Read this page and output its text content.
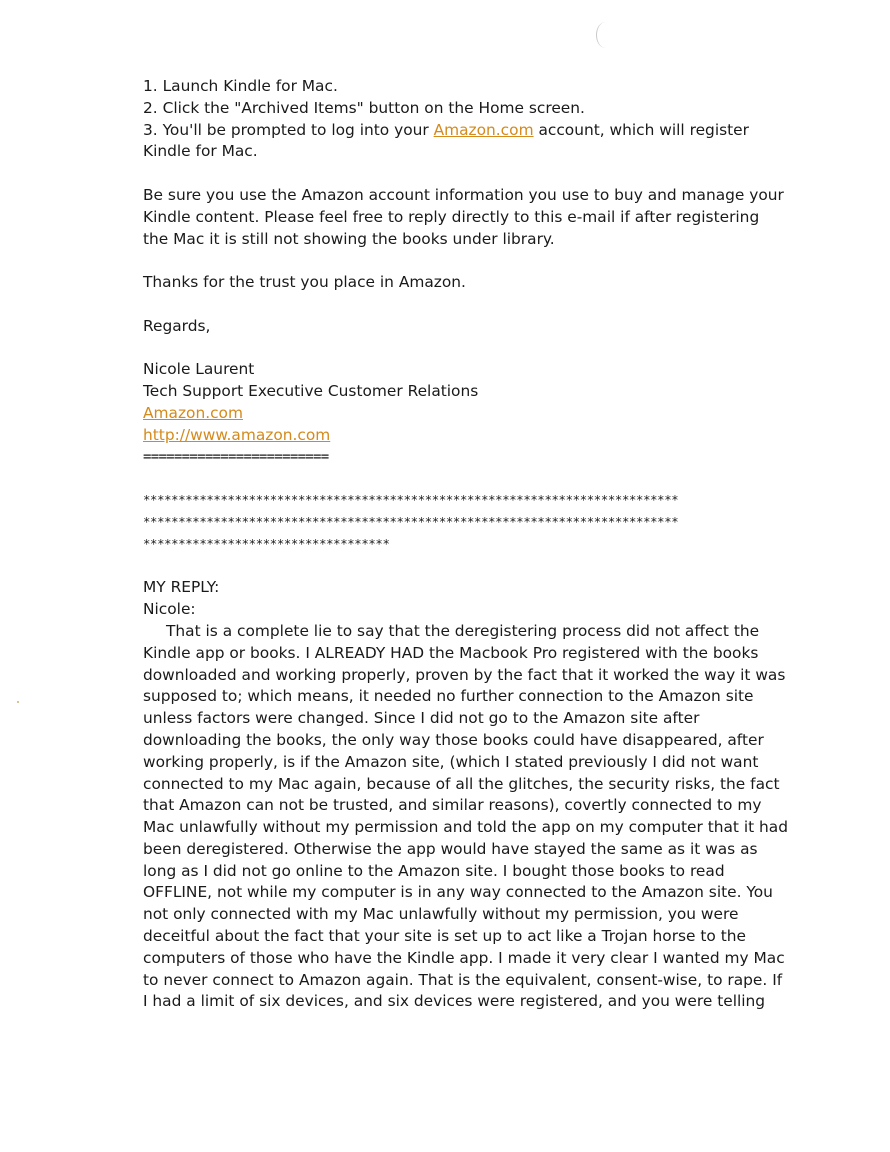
1. Launch Kindle for Mac.
2. Click the "Archived Items" button on the Home screen.
3. You'll be prompted to log into your Amazon.com account, which will register
Kindle for Mac.
Be sure you use the Amazon account information you use to buy and manage your
Kindle content. Please feel free to reply directly to this e-mail if after registering
the Mac it is still not showing the books under library.
Thanks for the trust you place in Amazon.
Regards,
Nicole Laurent
Tech Support Executive Customer Relations
Amazon.com
http://www.amazon.com
========================
****************************************************************************
****************************************************************************
***********************************
MY REPLY:
Nicole:
That is a complete lie to say that the deregistering process did not affect the
Kindle app or books. I ALREADY HAD the Macbook Pro registered with the books
downloaded and working properly, proven by the fact that it worked the way it was
supposed to; which means, it needed no further connection to the Amazon site
unless factors were changed. Since I did not go to the Amazon site after
downloading the books, the only way those books could have disappeared, after
working properly, is if the Amazon site, (which I stated previously I did not want
connected to my Mac again, because of all the glitches, the security risks, the fact
that Amazon can not be trusted, and similar reasons), covertly connected to my
Mac unlawfully without my permission and told the app on my computer that it had
been deregistered. Otherwise the app would have stayed the same as it was as
long as I did not go online to the Amazon site. I bought those books to read
OFFLINE, not while my computer is in any way connected to the Amazon site. You
not only connected with my Mac unlawfully without my permission, you were
deceitful about the fact that your site is set up to act like a Trojan horse to the
computers of those who have the Kindle app. I made it very clear I wanted my Mac
to never connect to Amazon again. That is the equivalent, consent-wise, to rape. If
I had a limit of six devices, and six devices were registered, and you were telling
